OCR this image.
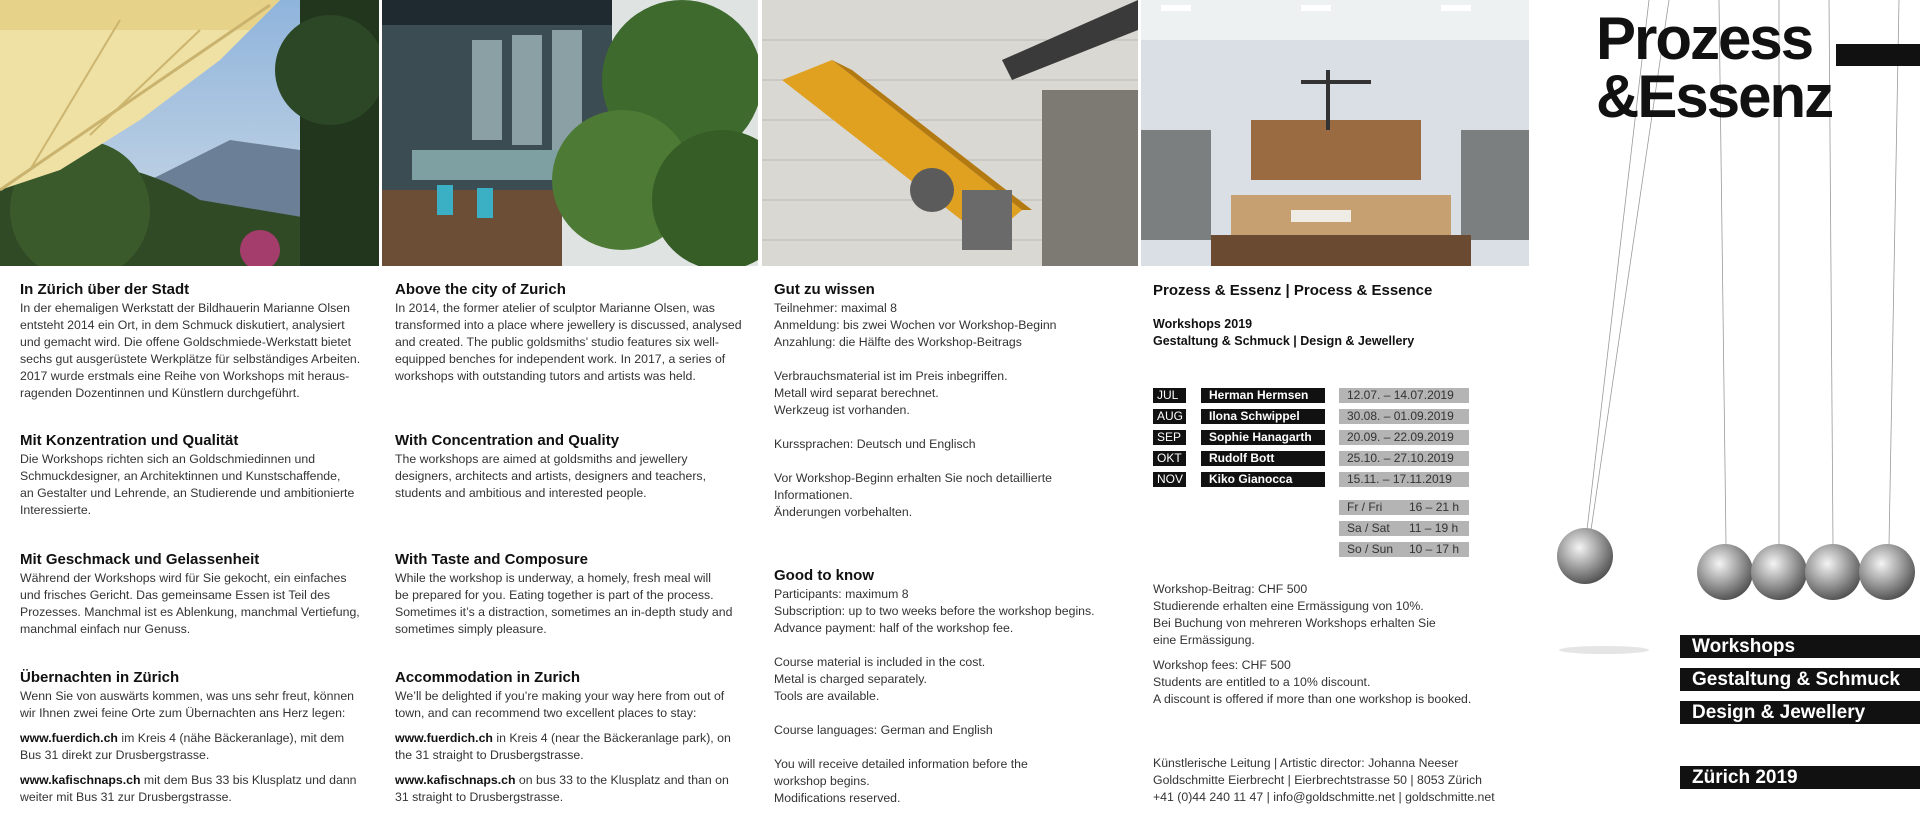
In Zürich über der Stadt

In der ehemaligen Werkstatt der Bildhauerin Marianne Olsen
entsteht 2014 ein Ort, in dem Schmuck diskutiert, analysiert
und gemacht wird. Die offene Goldschmiede-Werkstatt bietet
sechs gut ausgerüstete Werkplätze für selbständiges Arbeiten.
2017 wurde erstmals eine Reihe von Workshops mit heraus-
ragenden Dozentinnen und Künstlern durchgeführt.

Mit Konzentration und Qualität

Die Workshops richten sich an Goldschmiedinnen und
Schmuckdesigner, an Architektinnen und Kunstschaffende,
an Gestalter und Lehrende, an Studierende und ambitionierte
Interessierte.

Mit Geschmack und Gelassenheit

Während der Workshops wird für Sie gekocht, ein einfaches
und frisches Gericht. Das gemeinsame Essen ist Teil des
Prozesses. Manchmal ist es Ablenkung, manchmal Vertiefung,
manchmal einfach nur Genuss.

Übernachten in Zürich

Wenn Sie von auswärts kommen, was uns sehr freut, können
wir Ihnen zwei feine Orte zum Übernachten ans Herz legen:

www.fuerdich.ch im Kreis 4 (nähe Bäckeranlage), mit dem
Bus 31 direkt zur Drusbergstrasse.

www.kafischnaps.ch mit dem Bus 33 bis Klusplatz und dann
weiter mit Bus 31 zur Drusbergstrasse.

Above the city of Zurich

In 2014, the former atelier of sculptor Marianne Olsen, was
transformed into a place where jewellery is discussed, analysed
and created. The public goldsmiths’ studio features six well-
equipped benches for independent work. In 2017, a series of
workshops with outstanding tutors and artists was held.

With Concentration and Quality

The workshops are aimed at goldsmiths and jewellery
designers, architects and artists, designers and teachers,
students and ambitious and interested people.

With Taste and Composure

While the workshop is underway, a homely, fresh meal will
be prepared for you. Eating together is part of the process.
Sometimes it’s a distraction, sometimes an in-depth study and
sometimes simply pleasure.

Accommodation in Zurich

We’ll be delighted if you’re making your way here from out of
town, and can recommend two excellent places to stay:

www.fuerdich.ch in Kreis 4 (near the Bäckeranlage park), on
the 31 straight to Drusbergstrasse.

www.kafischnaps.ch on bus 33 to the Klusplatz and than on
31 straight to Drusbergstrasse.

Gut zu wissen

Teilnehmer: maximal 8
Anmeldung: bis zwei Wochen vor Workshop-Beginn
Anzahlung: die Hälfte des Workshop-Beitrags

Verbrauchsmaterial ist im Preis inbegriffen.
Metall wird separat berechnet.
Werkzeug ist vorhanden.

Kurssprachen: Deutsch und Englisch

Vor Workshop-Beginn erhalten Sie noch detaillierte
Informationen.
Änderungen vorbehalten.

Good to know

Participants: maximum 8
Subscription: up to two weeks before the workshop begins.
Advance payment: half of the workshop fee.

Course material is included in the cost.
Metal is charged separately.
Tools are available.

Course languages: German and English

You will receive detailed information before the
workshop begins.
Modifications reserved.

Prozess & Essenz | Process & Essence
Workshops 2019
Gestaltung & Schmuck | Design & Jewellery
JUL	Herman Hermsen	12.07. – 14.07.2019
AUG	Ilona Schwippel	30.08. – 01.09.2019
SEP	Sophie Hanagarth	20.09. – 22.09.2019
OKT	Rudolf Bott	25.10. – 27.10.2019
NOV	Kiko Gianocca	15.11. – 17.11.2019
Fr / Fri 16 – 21 h
Sa / Sat 11 – 19 h
So / Sun 10 – 17 h
Workshop-Beitrag: CHF 500
Studierende erhalten eine Ermässigung von 10%.
Bei Buchung von mehreren Workshops erhalten Sie
eine Ermässigung.
Workshop fees: CHF 500
Students are entitled to a 10% discount.
A discount is offered if more than one workshop is booked.
Künstlerische Leitung | Artistic director: Johanna Neeser
Goldschmitte Eierbrecht | Eierbrechtstrasse 50 | 8053 Zürich
+41 (0)44 240 11 47 | info@goldschmitte.net | goldschmitte.net
Prozess
&Essenz
Workshops
Gestaltung & Schmuck
Design & Jewellery
Zürich 2019
